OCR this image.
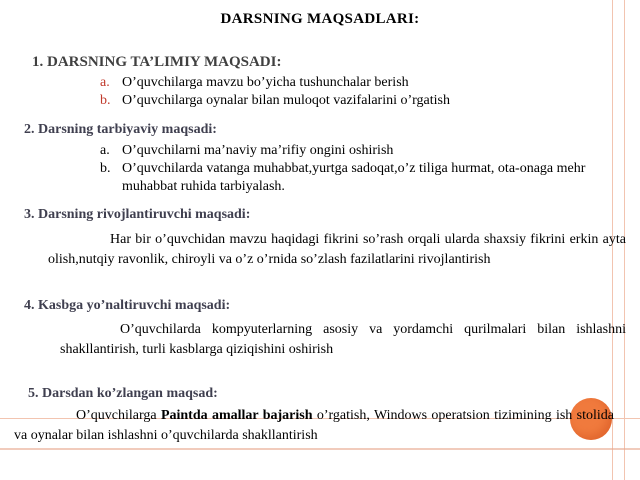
DARSNING MAQSADLARI:
1. DARSNING TA’LIMIY MAQSADI:
a. O’quvchilarga mavzu bo’yicha tushunchalar berish
b. O’quvchilarga oynalar bilan muloqot vazifalarini o’rgatish
2. Darsning tarbiyaviy maqsadi:
a. O’quvchilarni ma’naviy ma’rifiy ongini oshirish
b. O’quvchilarda vatanga muhabbat,yurtga sadoqat,o’z tiliga hurmat, ota-onaga mehr muhabbat ruhida tarbiyalash.
3. Darsning rivojlantiruvchi maqsadi:
Har bir o’quvchidan mavzu haqidagi fikrini so’rash orqali ularda shaxsiy fikrini erkin ayta olish,nutqiy ravonlik, chiroyli va o’z o’rnida so’zlash fazilatlarini rivojlantirish
4. Kasbga yo’naltiruvchi maqsadi:
O’quvchilarda kompyuterlarning asosiy va yordamchi qurilmalari bilan ishlashni shakllantirish, turli kasblarga qiziqishini oshirish
5. Darsdan ko’zlangan maqsad:
O’quvchilarga Paintda amallar bajarish o’rgatish, Windows operatsion tizimining ish stolida va oynalar bilan ishlashni o’quvchilarda shakllantirish
